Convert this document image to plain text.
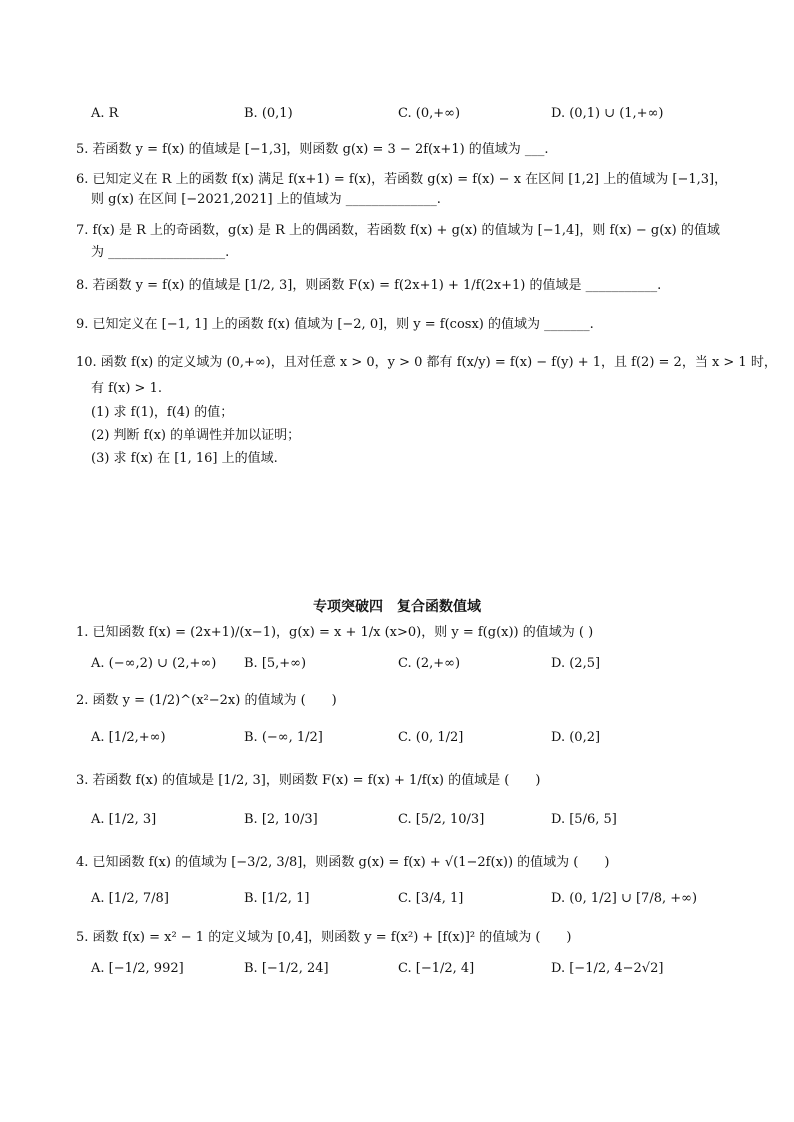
A. R	B. (0,1)	C. (0,+∞)	D. (0,1) ∪ (1,+∞)
5. 若函数 y = f(x) 的值域是 [−1,3]，则函数 g(x) = 3 − 2f(x+1) 的值域为 ___.
6. 已知定义在 R 上的函数 f(x) 满足 f(x+1) = f(x)，若函数 g(x) = f(x) − x 在区间 [1,2] 上的值域为 [−1,3]，
则 g(x) 在区间 [−2021,2021] 上的值域为 ______________.
7. f(x) 是 R 上的奇函数，g(x) 是 R 上的偶函数，若函数 f(x) + g(x) 的值域为 [−1,4]，则 f(x) − g(x) 的值域
为 __________________.
8. 若函数 y = f(x) 的值域是 [1/2, 3]，则函数 F(x) = f(2x+1) + 1/f(2x+1) 的值域是 ___________.
9. 已知定义在 [−1, 1] 上的函数 f(x) 值域为 [−2, 0]，则 y = f(cosx) 的值域为 _______.
10. 函数 f(x) 的定义域为 (0,+∞)，且对任意 x > 0，y > 0 都有 f(x/y) = f(x) − f(y) + 1，且 f(2) = 2，当 x > 1 时，
有 f(x) > 1.
(1) 求 f(1)，f(4) 的值；
(2) 判断 f(x) 的单调性并加以证明；
(3) 求 f(x) 在 [1, 16] 上的值域.
专项突破四　复合函数值域
1. 已知函数 f(x) = (2x+1)/(x−1)，g(x) = x + 1/x (x>0)，则 y = f(g(x)) 的值域为 ( )
A. (−∞,2) ∪ (2,+∞) B. [5,+∞)	C. (2,+∞)	D. (2,5]
2. 函数 y = (1/2)^(x²−2x) 的值域为 (　　)
A. [1/2,+∞)	B. (−∞, 1/2]	C. (0, 1/2]	D. (0,2]
3. 若函数 f(x) 的值域是 [1/2, 3]，则函数 F(x) = f(x) + 1/f(x) 的值域是 (　　)
A. [1/2, 3]	B. [2, 10/3]	C. [5/2, 10/3]	D. [5/6, 5]
4. 已知函数 f(x) 的值域为 [−3/2, 3/8]，则函数 g(x) = f(x) + √(1−2f(x)) 的值域为 (　　)
A. [1/2, 7/8]	B. [1/2, 1]	C. [3/4, 1]	D. (0, 1/2] ∪ [7/8, +∞)
5. 函数 f(x) = x² − 1 的定义域为 [0,4]，则函数 y = f(x²) + [f(x)]² 的值域为 (　　)
A. [−1/2, 992]	B. [−1/2, 24]	C. [−1/2, 4]	D. [−1/2, 4−2√2]
